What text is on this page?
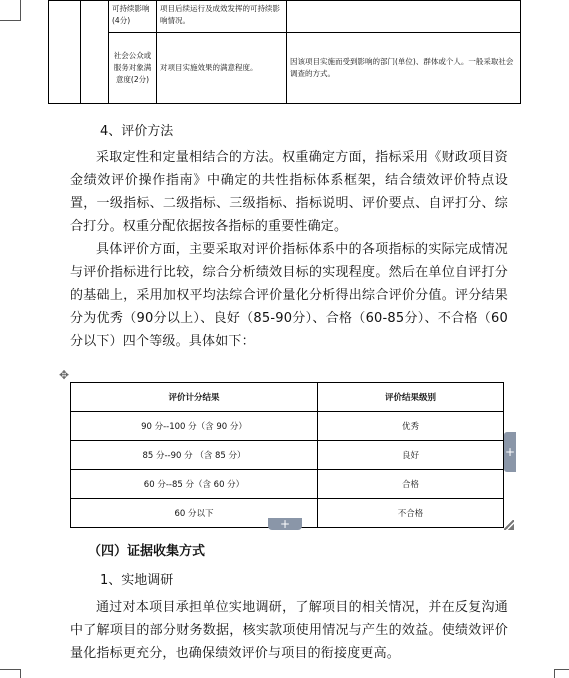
		可持续影响(4分)	项目后续运行及成效发挥的可持续影响情况。	
		社会公众或服务对象满意度(2分)	对项目实施效果的满意程度。	因该项目实施而受到影响的部门(单位)、群体或个人。一般采取社会调查的方式。
4、评价方法

采取定性和定量相结合的方法。权重确定方面，指标采用《财政项目资金绩效评价操作指南》中确定的共性指标体系框架，结合绩效评价特点设置，一级指标、二级指标、三级指标、指标说明、评价要点、自评打分、综合打分。权重分配依据按各指标的重要性确定。

具体评价方面，主要采取对评价指标体系中的各项指标的实际完成情况与评价指标进行比较，综合分析绩效目标的实现程度。然后在单位自评打分的基础上，采用加权平均法综合评价量化分析得出综合评价分值。评分结果分为优秀（90分以上）、良好（85-90分）、合格（60-85分）、不合格（60分以下）四个等级。具体如下：

✥
评价计分结果	评价结果级别
90 分--100 分（含 90 分）	优秀
85 分--90 分 （含 85 分）	良好
60 分--85 分（含 60 分）	合格
60 分以下	不合格
+
+
（四）证据收集方式
1、实地调研

通过对本项目承担单位实地调研，了解项目的相关情况，并在反复沟通中了解项目的部分财务数据，核实款项使用情况与产生的效益。使绩效评价量化指标更充分，也确保绩效评价与项目的衔接度更高。
